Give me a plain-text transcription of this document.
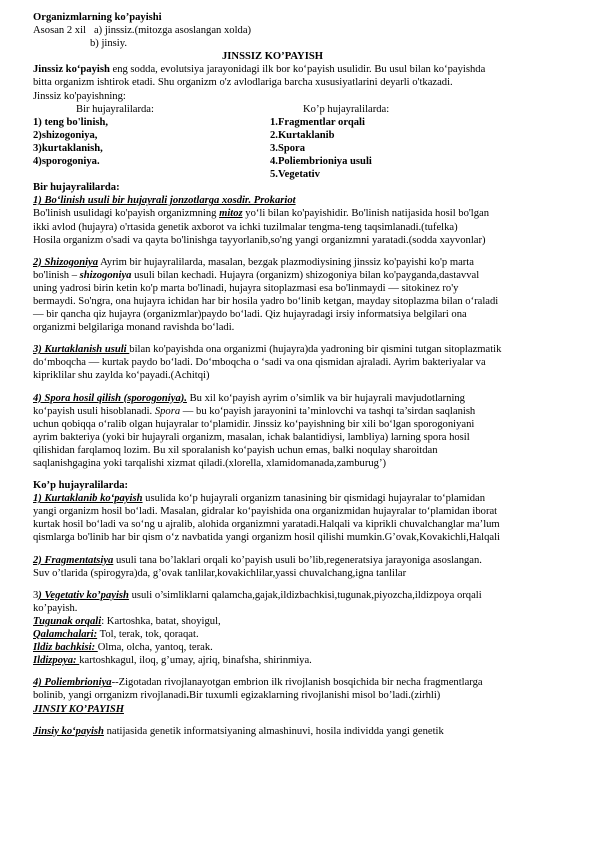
Organizmlarning ko’payishi
Asosan 2 xil a) jinssiz.(mitozga asoslangan xolda)
b) jinsiy.
JINSSIZ KO’PAYISH
Jinssiz ko‘payish eng sodda, evolutsiya jarayonidagi ilk bor ko‘payish usulidir. Bu usul bilan ko‘payishda
bitta organizm ishtirok etadi. Shu organizm o'z avlodlariga barcha xususiyatlarini deyarli o'tkazadi.
Jinssiz ko'payishning:
Bir hujayralilarda:	Ko’p hujayralilarda:
1) teng bo'linish,	1.Fragmentlar orqali
2)shizogoniya,	2.Kurtaklanib
3)kurtaklanish,	3.Spora
4)sporogoniya.	4.Poliembrioniya usuli
5.Vegetativ
Bir hujayralilarda:
1) Bo‘linish usuli bir hujayrali jonzotlarga xosdir. Prokariot
Bo'linish usulidagi ko'payish organizmning mitoz yo‘li bilan ko'payishidir. Bo'linish natijasida hosil bo'lgan
ikki avlod (hujayra) o'rtasida genetik axborot va ichki tuzilmalar tengma-teng taqsimlanadi.(tufelka)
Hosila organizm o'sadi va qayta bo'linishga tayyorlanib,so'ng yangi organizmni yaratadi.(sodda xayvonlar)
2) Shizogoniya Ayrim bir hujayralilarda, masalan, bezgak plazmodiysining jinssiz ko'payishi ko'p marta
bo'linish – shizogoniya usuli bilan kechadi. Hujayra (organizm) shizogoniya bilan ko'payganda,dastavval
uning yadrosi birin ketin ko'p marta bo'linadi, hujayra sitoplazmasi esa bo'linmaydi — sitokinez ro'y
bermaydi. So'ngra, ona hujayra ichidan har bir hosila yadro bo‘linib ketgan, mayday sitoplazma bilan o‘raladi
— bir qancha qiz hujayra (organizmlar)paydo bo‘ladi. Qiz hujayradagi irsiy informatsiya belgilari ona
organizmi belgilariga monand ravishda bo‘ladi.
3) Kurtaklanish usuli bilan ko'payishda ona organizmi (hujayra)da yadroning bir qismini tutgan sitoplazmatik
do‘mboqcha — kurtak paydo bo‘ladi. Do‘mboqcha o ‘sadi va ona qismidan ajraladi. Ayrim bakteriyalar va
kipriklilar shu zaylda ko‘payadi.(Achitqi)
4) Spora hosil qilish (sporogoniya). Bu xil ko‘payish ayrim o’simlik va bir hujayrali mavjudotlarning
ko‘payish usuli hisoblanadi. Spora — bu ko‘payish jarayonini ta’minlovchi va tashqi ta’sirdan saqlanish
uchun qobiqqa o‘ralib olgan hujayralar to‘plamidir. Jinssiz ko‘payishning bir xili bo‘lgan sporogoniyani
ayrim bakteriya (yoki bir hujayrali organizm, masalan, ichak balantidiysi, lambliya) larning spora hosil
qilishidan farqlamoq lozim. Bu xil sporalanish ko‘payish uchun emas, balki noqulay sharoitdan
saqlanishgagina yoki tarqalishi xizmat qiladi.(xlorella, xlamidomanada,zamburug’)
Ko’p hujayralilarda:
1) Kurtaklanib ko‘payish usulida ko‘p hujayrali organizm tanasining bir qismidagi hujayralar to‘plamidan
yangi organizm hosil bo‘ladi. Masalan, gidralar ko‘payishida ona organizmidan hujayralar to‘plamidan iborat
kurtak hosil bo‘ladi va so‘ng u ajralib, alohida organizmni yaratadi.Halqali va kiprikli chuvalchanglar ma’lum
qismlarga bo'linib har bir qism o‘z navbatida yangi organizm hosil qilishi mumkin.G’ovak,Kovakichli,Halqali
2) Fragmentatsiya usuli tana bo’laklari orqali ko’payish usuli bo’lib,regeneratsiya jarayoniga asoslangan.
Suv o’tlarida (spirogyra)da, g’ovak tanlilar,kovakichlilar,yassi chuvalchang,igna tanlilar
3) Vegetativ ko’payish usuli o’simliklarni qalamcha,gajak,ildizbachkisi,tugunak,piyozcha,ildizpoya orqali
ko’payish.
Tugunak orqali: Kartoshka, batat, shoyigul,
Qalamchalari: Tol, terak, tok, qoraqat.
Ildiz bachkisi: Olma, olcha, yantoq, terak.
Ildizpoya: kartoshkagul, iloq, g’umay, ajriq, binafsha, shirinmiya.
4) Poliembrioniya--Zigotadan rivojlanayotgan embrion ilk rivojlanish bosqichida bir necha fragmentlarga
bolinib, yangi orrganizm rivojlanadi.Bir tuxumli egizaklarning rivojlanishi misol bo’ladi.(zirhli)
JINSIY KO’PAYISH
Jinsiy ko‘payish natijasida genetik informatsiyaning almashinuvi, hosila individda yangi genetik
